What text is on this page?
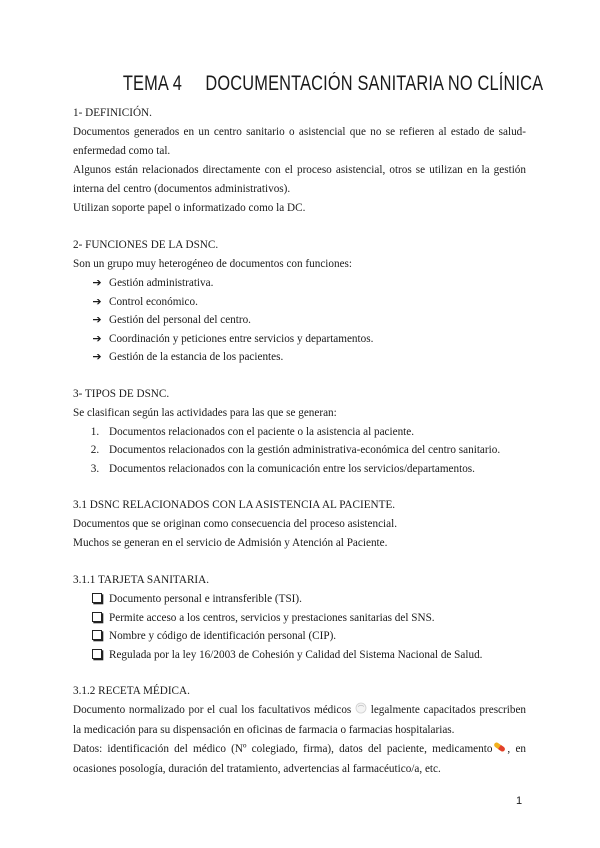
TEMA 4 DOCUMENTACIÓN SANITARIA NO CLÍNICA

1- DEFINICIÓN.

Documentos generados en un centro sanitario o asistencial que no se refieren al estado de salud-enfermedad como tal.

Algunos están relacionados directamente con el proceso asistencial, otros se utilizan en la gestión interna del centro (documentos administrativos).

Utilizan soporte papel o informatizado como la DC.

2- FUNCIONES DE LA DSNC.

Son un grupo muy heterogéneo de documentos con funciones:

➔ Gestión administrativa.
➔ Control económico.
➔ Gestión del personal del centro.
➔ Coordinación y peticiones entre servicios y departamentos.
➔ Gestión de la estancia de los pacientes.

3- TIPOS DE DSNC.

Se clasifican según las actividades para las que se generan:

1. Documentos relacionados con el paciente o la asistencia al paciente.
2. Documentos relacionados con la gestión administrativa-económica del centro sanitario.
3. Documentos relacionados con la comunicación entre los servicios/departamentos.

3.1 DSNC RELACIONADOS CON LA ASISTENCIA AL PACIENTE.

Documentos que se originan como consecuencia del proceso asistencial.

Muchos se generan en el servicio de Admisión y Atención al Paciente.

3.1.1 TARJETA SANITARIA.

Documento personal e intransferible (TSI).
Permite acceso a los centros, servicios y prestaciones sanitarias del SNS.
Nombre y código de identificación personal (CIP).
Regulada por la ley 16/2003 de Cohesión y Calidad del Sistema Nacional de Salud.

3.1.2 RECETA MÉDICA.

Documento normalizado por el cual los facultativos médicos legalmente capacitados prescriben la medicación para su dispensación en oficinas de farmacia o farmacias hospitalarias.

Datos: identificación del médico (Nº colegiado, firma), datos del paciente, medicamento , en ocasiones posología, duración del tratamiento, advertencias al farmacéutico/a, etc.

1
